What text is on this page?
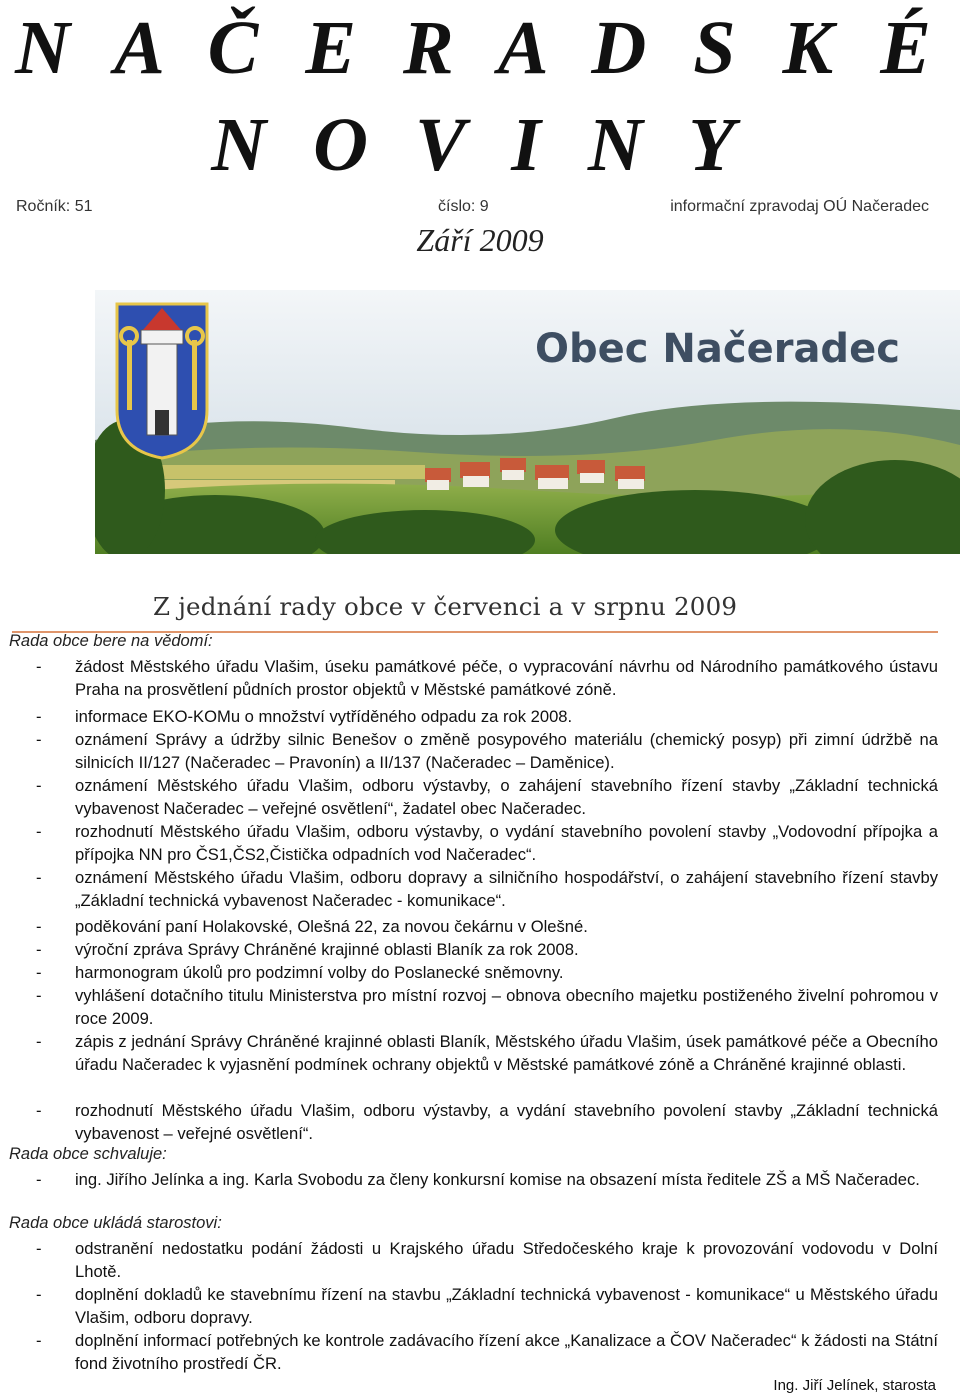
N A Č E R A D S K É
N O V I N Y
Ročník: 51	číslo: 9	informační zpravodaj OÚ Načeradec
Září 2009
Obec Načeradec
Z jednání rady obce v červenci a v srpnu 2009
Rada obce bere na vědomí:
- žádost Městského úřadu Vlašim, úseku památkové péče, o vypracování návrhu od Národního památkového ústavu Praha na prosvětlení půdních prostor objektů v Městské památkové zóně.
- informace EKO-KOMu o množství vytříděného odpadu za rok 2008.
- oznámení Správy a údržby silnic Benešov o změně posypového materiálu (chemický posyp) při zimní údržbě na silnicích II/127 (Načeradec – Pravonín) a II/137 (Načeradec – Daměnice).
- oznámení Městského úřadu Vlašim, odboru výstavby, o zahájení stavebního řízení stavby „Základní technická vybavenost Načeradec – veřejné osvětlení“, žadatel obec Načeradec.
- rozhodnutí Městského úřadu Vlašim, odboru výstavby, o vydání stavebního povolení stavby „Vodovodní přípojka a přípojka NN pro ČS1,ČS2,Čistička odpadních vod Načeradec“.
- oznámení Městského úřadu Vlašim, odboru dopravy a silničního hospodářství, o zahájení stavebního řízení stavby „Základní technická vybavenost Načeradec - komunikace“.
- poděkování paní Holakovské, Olešná 22, za novou čekárnu v Olešné.
- výroční zpráva Správy Chráněné krajinné oblasti Blaník za rok 2008.
- harmonogram úkolů pro podzimní volby do Poslanecké sněmovny.
- vyhlášení dotačního titulu Ministerstva pro místní rozvoj – obnova obecního majetku postiženého živelní pohromou v roce 2009.
- zápis z jednání Správy Chráněné krajinné oblasti Blaník, Městského úřadu Vlašim, úsek památkové péče a Obecního úřadu Načeradec k vyjasnění podmínek ochrany objektů v Městské památkové zóně a Chráněné krajinné oblasti.
- rozhodnutí Městského úřadu Vlašim, odboru výstavby, a vydání stavebního povolení stavby „Základní technická vybavenost – veřejné osvětlení“.
Rada obce schvaluje:
- ing. Jiřího Jelínka a ing. Karla Svobodu za členy konkursní komise na obsazení místa ředitele ZŠ a MŠ Načeradec.
Rada obce ukládá starostovi:
- odstranění nedostatku podání žádosti u Krajského úřadu Středočeského kraje k provozování vodovodu v Dolní Lhotě.
- doplnění dokladů ke stavebnímu řízení na stavbu „Základní technická vybavenost - komunikace“ u Městského úřadu Vlašim, odboru dopravy.
- doplnění informací potřebných ke kontrole zadávacího řízení akce „Kanalizace a ČOV Načeradec“ k žádosti na Státní fond životního prostředí ČR.
Ing. Jiří Jelínek, starosta
